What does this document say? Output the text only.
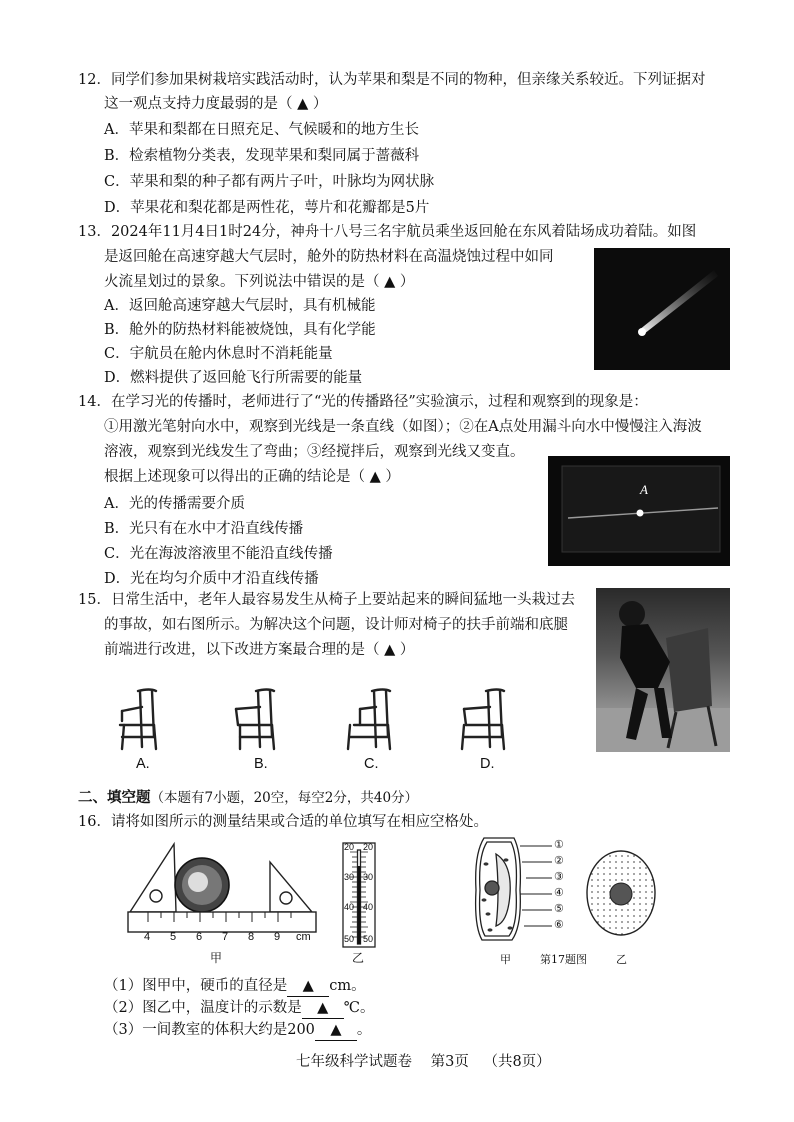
12．同学们参加果树栽培实践活动时，认为苹果和梨是不同的物种，但亲缘关系较近。下列证据对
这一观点支持力度最弱的是（ ▲ ）
A．苹果和梨都在日照充足、气候暖和的地方生长
B．检索植物分类表，发现苹果和梨同属于蔷薇科
C．苹果和梨的种子都有两片子叶，叶脉均为网状脉
D．苹果花和梨花都是两性花，萼片和花瓣都是5片
13．2024年11月4日1时24分，神舟十八号三名宇航员乘坐返回舱在东风着陆场成功着陆。如图
是返回舱在高速穿越大气层时，舱外的防热材料在高温烧蚀过程中如同
火流星划过的景象。下列说法中错误的是（ ▲ ）
A．返回舱高速穿越大气层时，具有机械能
B．舱外的防热材料能被烧蚀，具有化学能
C．宇航员在舱内休息时不消耗能量
D．燃料提供了返回舱飞行所需要的能量
14．在学习光的传播时，老师进行了“光的传播路径”实验演示，过程和观察到的现象是：
①用激光笔射向水中，观察到光线是一条直线（如图）；②在A点处用漏斗向水中慢慢注入海波
溶液，观察到光线发生了弯曲；③经搅拌后，观察到光线又变直。
根据上述现象可以得出的正确的结论是（ ▲ ）
A．光的传播需要介质
B．光只有在水中才沿直线传播
C．光在海波溶液里不能沿直线传播
D．光在均匀介质中才沿直线传播
A
15．日常生活中，老年人最容易发生从椅子上要站起来的瞬间猛地一头栽过去
的事故，如右图所示。为解决这个问题，设计师对椅子的扶手前端和底腿
前端进行改进，以下改进方案最合理的是（ ▲ ）
A.	B.	C.	D.
二、填空题（本题有7小题，20空，每空2分，共40分）
16．请将如图所示的测量结果或合适的单位填写在相应空格处。
4 5 6 7 8 9 cm
甲
20
30
40
50
20
30
40
50
乙
①
②
③
④
⑤
⑥
甲	第17题图	乙
（1）图甲中，硬币的直径是 ▲ cm。
（2）图乙中，温度计的示数是 ▲ ℃。
（3）一间教室的体积大约是200 ▲ 。
七年级科学试题卷 第3页 （共8页）
